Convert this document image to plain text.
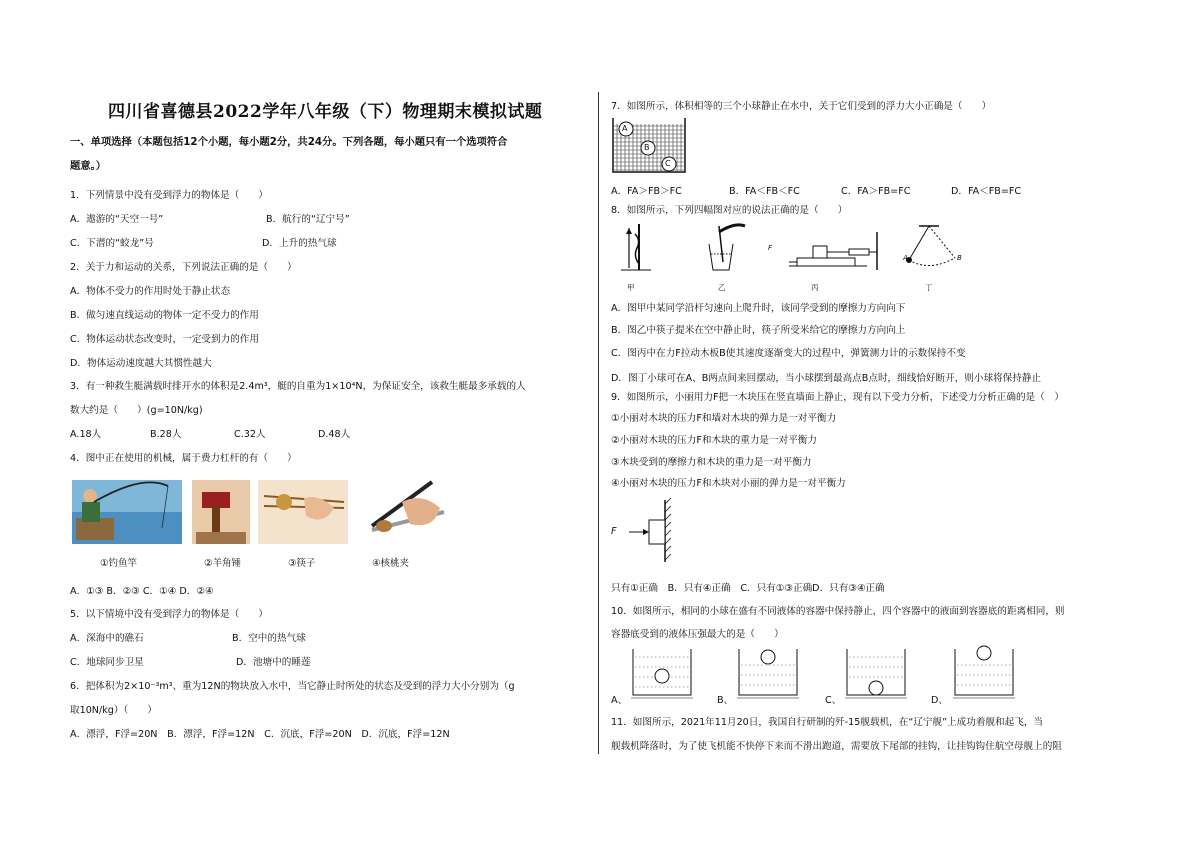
四川省喜德县2022学年八年级（下）物理期末模拟试题
一、单项选择（本题包括12个小题，每小题2分，共24分。下列各题，每小题只有一个选项符合
题意。）
1．下列情景中没有受到浮力的物体是（　　）
A．遨游的“天空一号”	B．航行的“辽宁号”
C．下潜的“蛟龙”号	D．上升的热气球
2．关于力和运动的关系，下列说法正确的是（　　）
A．物体不受力的作用时处于静止状态
B．做匀速直线运动的物体一定不受力的作用
C．物体运动状态改变时，一定受到力的作用
D．物体运动速度越大其惯性越大
3．有一种救生艇满载时排开水的体积是2.4m³，艇的自重为1×10⁴N，为保证安全，该救生艇最多承载的人
数大约是（　　）(g=10N/kg)
A.18人	B.28人	C.32人	D.48人
4．图中正在使用的机械，属于费力杠杆的有（　　）
①钓鱼竿	②羊角锤	③筷子	④核桃夹
A．①③ B．②③ C．①④ D．②④
5．以下情境中没有受到浮力的物体是（　　）
A．深海中的礁石	B．空中的热气球
C．地球同步卫星	D．池塘中的睡莲
6．把体积为2×10⁻³m³、重为12N的物块放入水中，当它静止时所处的状态及受到的浮力大小分别为（g
取10N/kg）（　　）
A．漂浮，F浮=20N　B．漂浮，F浮=12N　C．沉底，F浮=20N　D．沉底，F浮=12N
7．如图所示，体积相等的三个小球静止在水中，关于它们受到的浮力大小正确是（　　）
A
B
C
A．FA＞FB＞FC	B．FA＜FB＜FC	C．FA＞FB=FC	D．FA＜FB=FC
8．如图所示，下列四幅图对应的说法正确的是（　　）
F
A	B
甲	乙	丙	丁
A．图甲中某同学沿杆匀速向上爬升时，该同学受到的摩擦力方向向下
B．图乙中筷子提米在空中静止时，筷子所受米给它的摩擦力方向向上
C．图丙中在力F拉动木板B使其速度逐渐变大的过程中，弹簧测力计的示数保持不变
D．图丁小球可在A、B两点间来回摆动，当小球摆到最高点B点时，细线恰好断开，则小球将保持静止
9．如图所示，小丽用力F把一木块压在竖直墙面上静止，现有以下受力分析，下述受力分析正确的是（　）
①小丽对木块的压力F和墙对木块的弹力是一对平衡力
②小丽对木块的压力F和木块的重力是一对平衡力
③木块受到的摩擦力和木块的重力是一对平衡力
④小丽对木块的压力F和木块对小丽的弹力是一对平衡力
F
只有①正确　B．只有④正确　C．只有①③正确D．只有③④正确
10．如图所示，相同的小球在盛有不同液体的容器中保持静止，四个容器中的液面到容器底的距离相同，则
容器底受到的液体压强最大的是（　　）
A、	B、	C、	D、
11．如图所示，2021年11月20日，我国自行研制的歼-15舰载机，在“辽宁舰”上成功着舰和起飞，当
舰载机降落时，为了使飞机能不快停下来而不滑出跑道，需要放下尾部的挂钩，让挂钩钩住航空母舰上的阻
